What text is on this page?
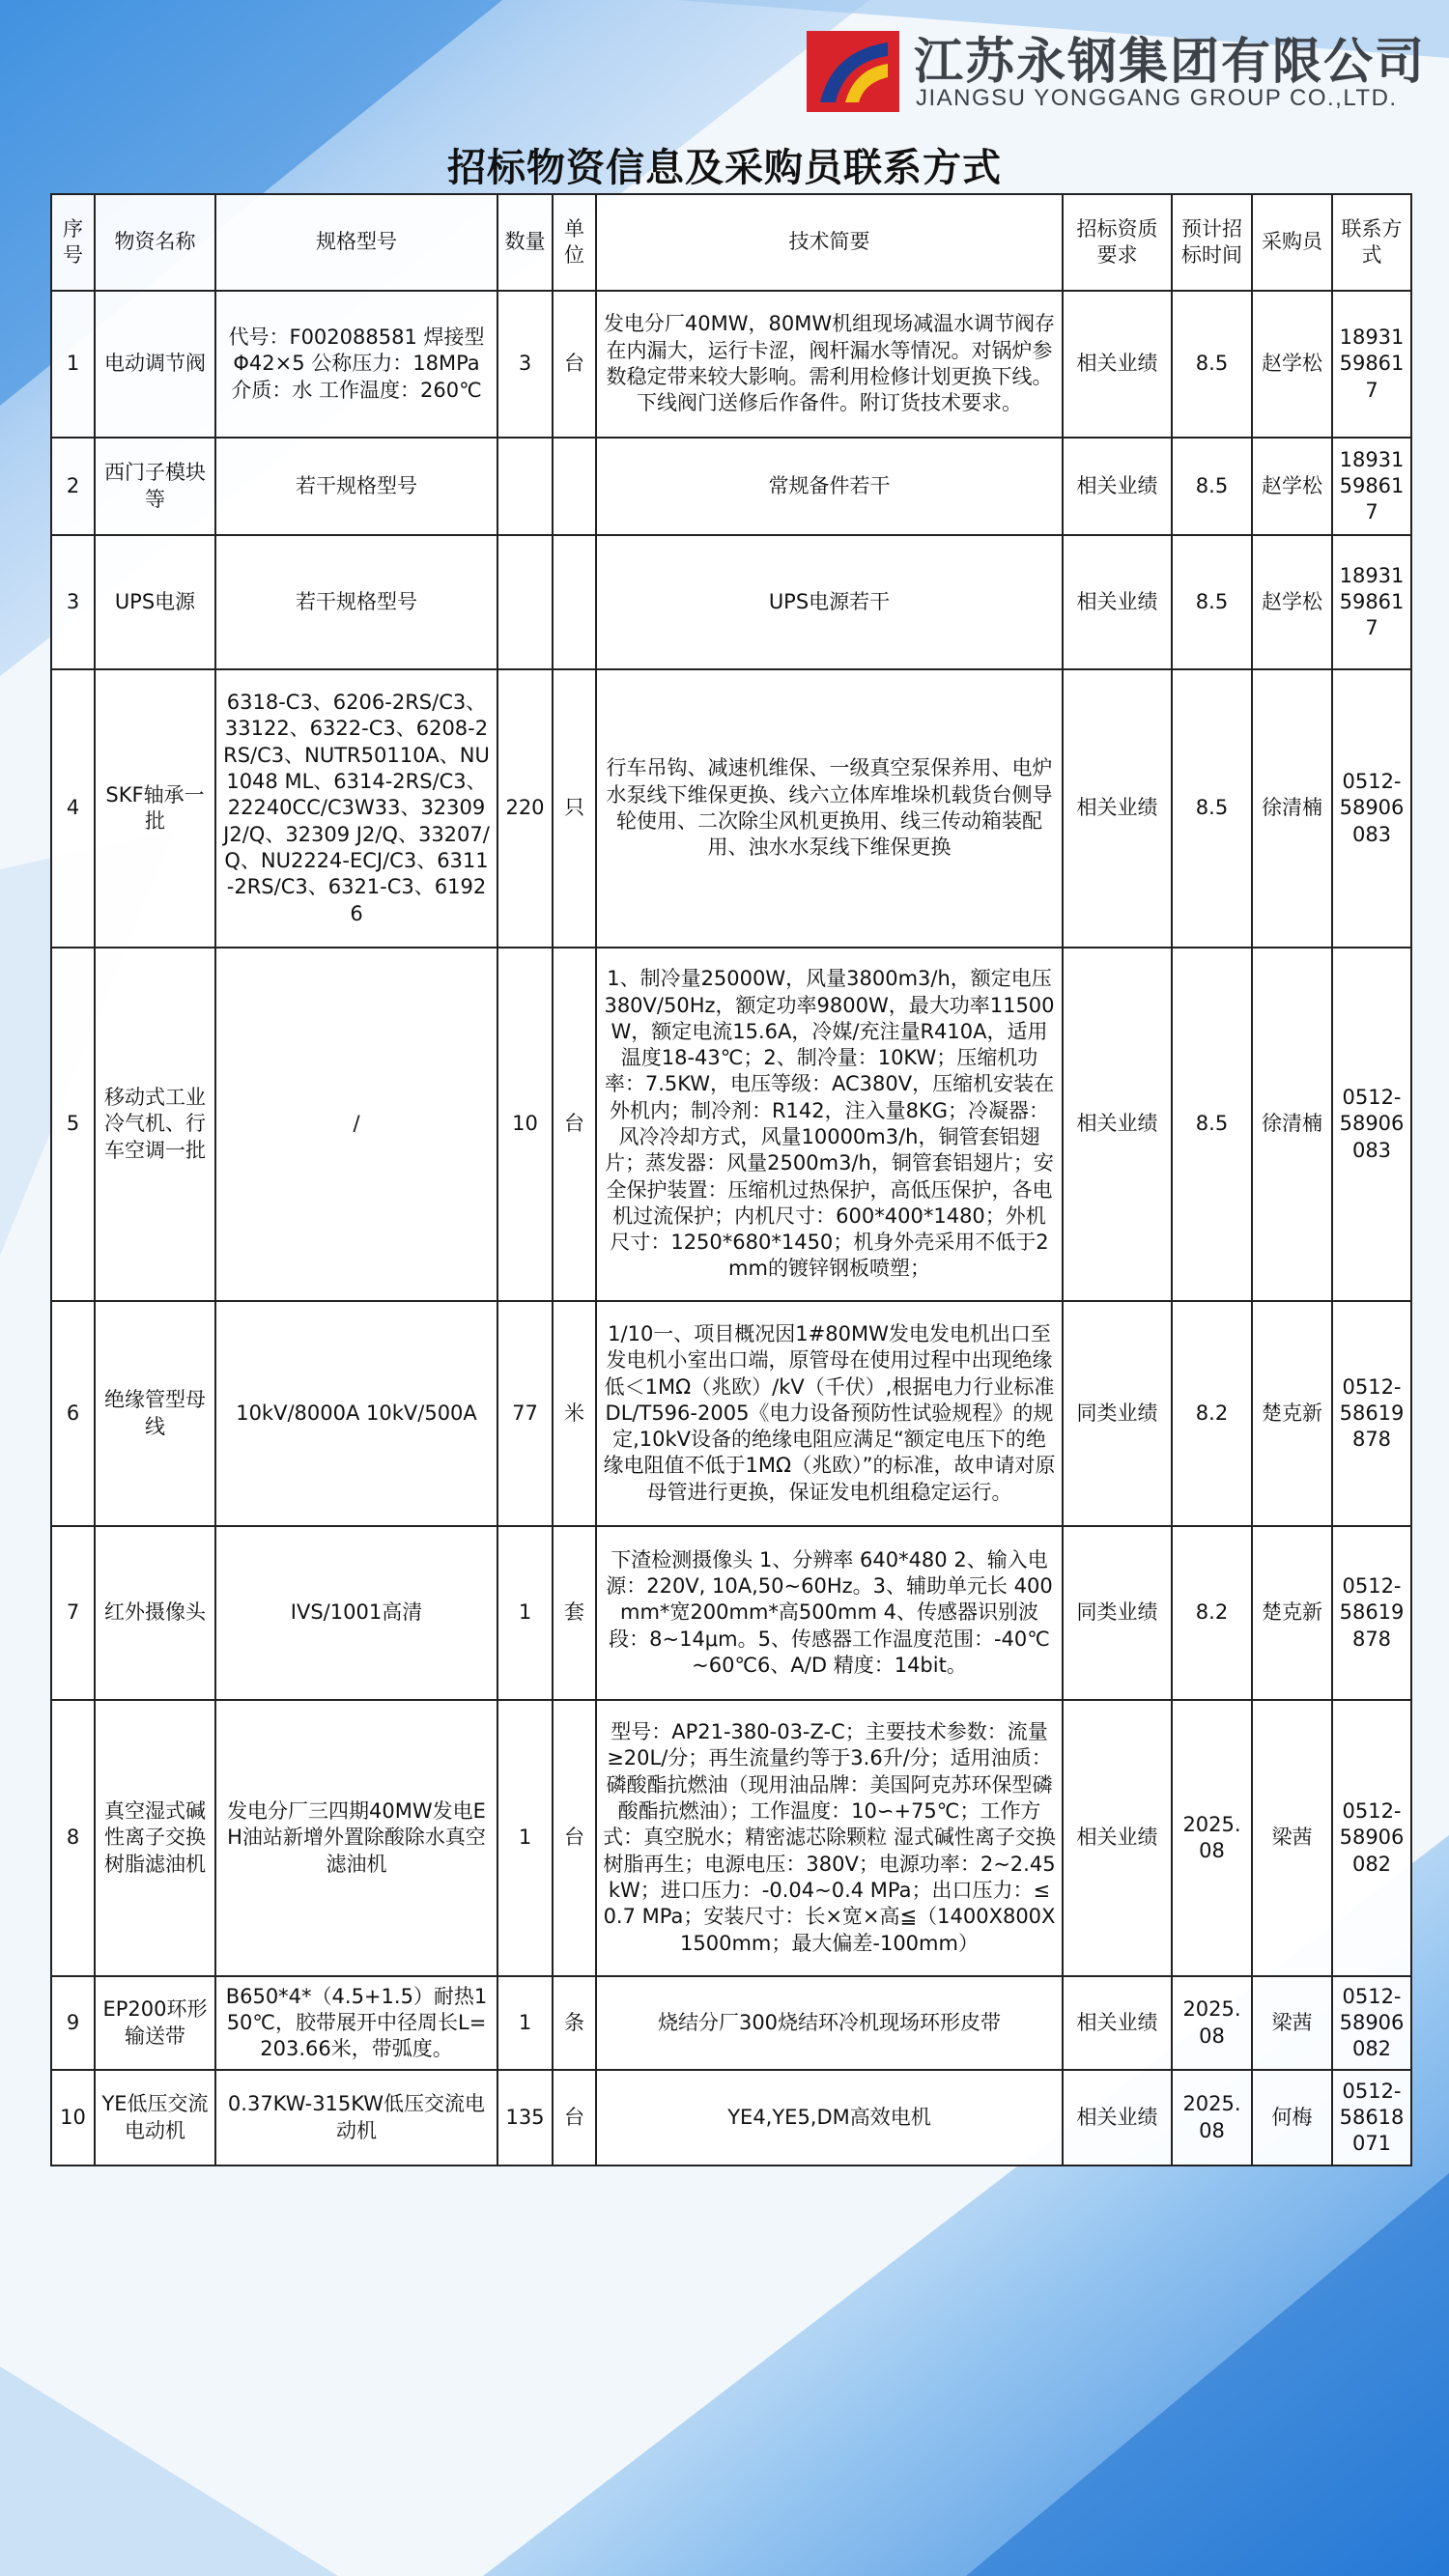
江苏永钢集团有限公司
JIANGSU YONGGANG GROUP CO.,LTD.
招标物资信息及采购员联系方式
序号	物资名称	规格型号	数量	单位	技术简要	招标资质要求	预计招标时间	采购员	联系方式
1	电动调节阀	代号：F002088581 焊接型 Φ42×5 公称压力：18MPa 介质：水 工作温度：260℃	3	台	发电分厂40MW，80MW机组现场减温水调节阀存在内漏大，运行卡涩，阀杆漏水等情况。对锅炉参数稳定带来较大影响。需利用检修计划更换下线。下线阀门送修后作备件。附订货技术要求。	相关业绩	8.5	赵学松	18931598617
2	西门子模块等	若干规格型号			常规备件若干	相关业绩	8.5	赵学松	18931598617
3	UPS电源	若干规格型号			UPS电源若干	相关业绩	8.5	赵学松	18931598617
4	SKF轴承一批	6318-C3、6206-2RS/C3、33122、6322-C3、6208-2RS/C3、NUTR50110A、NU 1048 ML、6314-2RS/C3、22240CC/C3W33、32309 J2/Q、32309 J2/Q、33207/Q、NU2224-ECJ/C3、6311-2RS/C3、6321-C3、61926	220	只	行车吊钩、减速机维保、一级真空泵保养用、电炉水泵线下维保更换、线六立体库堆垛机载货台侧导轮使用、二次除尘风机更换用、线三传动箱装配用、浊水水泵线下维保更换	相关业绩	8.5	徐清楠	0512-58906083
5	移动式工业冷气机、行车空调一批	/	10	台	1、制冷量25000W，风量3800m3/h，额定电压380V/50Hz，额定功率9800W，最大功率11500W，额定电流15.6A，冷媒/充注量R410A，适用温度18-43℃；2、制冷量：10KW；压缩机功率：7.5KW，电压等级：AC380V，压缩机安装在外机内；制冷剂：R142，注入量8KG；冷凝器：风冷冷却方式，风量10000m3/h，铜管套铝翅片；蒸发器：风量2500m3/h，铜管套铝翅片；安全保护装置：压缩机过热保护，高低压保护，各电机过流保护；内机尺寸：600*400*1480；外机尺寸：1250*680*1450；机身外壳采用不低于2mm的镀锌钢板喷塑；	相关业绩	8.5	徐清楠	0512-58906083
6	绝缘管型母线	10kV/8000A 10kV/500A	77	米	1/10一、项目概况因1#80MW发电发电机出口至发电机小室出口端，原管母在使用过程中出现绝缘低＜1MΩ（兆欧）/kV（千伏）,根据电力行业标准DL/T596-2005《电力设备预防性试验规程》的规定,10kV设备的绝缘电阻应满足“额定电压下的绝缘电阻值不低于1MΩ（兆欧）”的标准，故申请对原母管进行更换，保证发电机组稳定运行。	同类业绩	8.2	楚克新	0512-58619878
7	红外摄像头	IVS/1001高清	1	套	下渣检测摄像头 1、分辨率 640*480 2、输入电源：220V, 10A,50~60Hz。3、辅助单元长 400mm*宽200mm*高500mm 4、传感器识别波段：8~14μm。5、传感器工作温度范围：-40℃~60℃6、A/D 精度：14bit。	同类业绩	8.2	楚克新	0512-58619878
8	真空湿式碱性离子交换树脂滤油机	发电分厂三四期40MW发电EH油站新增外置除酸除水真空滤油机	1	台	型号：AP21-380-03-Z-C；主要技术参数：流量≥20L/分；再生流量约等于3.6升/分；适用油质：磷酸酯抗燃油（现用油品牌：美国阿克苏环保型磷酸酯抗燃油）；工作温度：10∽+75℃；工作方式：真空脱水；精密滤芯除颗粒 湿式碱性离子交换树脂再生；电源电压：380V；电源功率：2~2.45kW；进口压力：-0.04~0.4 MPa；出口压力：≤ 0.7 MPa；安装尺寸：长×宽×高≦（1400X800X1500mm；最大偏差-100mm）	相关业绩	2025.08	梁茜	0512-58906082
9	EP200环形输送带	B650*4*（4.5+1.5）耐热150℃，胶带展开中径周长L=203.66米，带弧度。	1	条	烧结分厂300烧结环冷机现场环形皮带	相关业绩	2025.08	梁茜	0512-58906082
10	YE低压交流电动机	0.37KW-315KW低压交流电动机	135	台	YE4,YE5,DM高效电机	相关业绩	2025.08	何梅	0512-58618071
